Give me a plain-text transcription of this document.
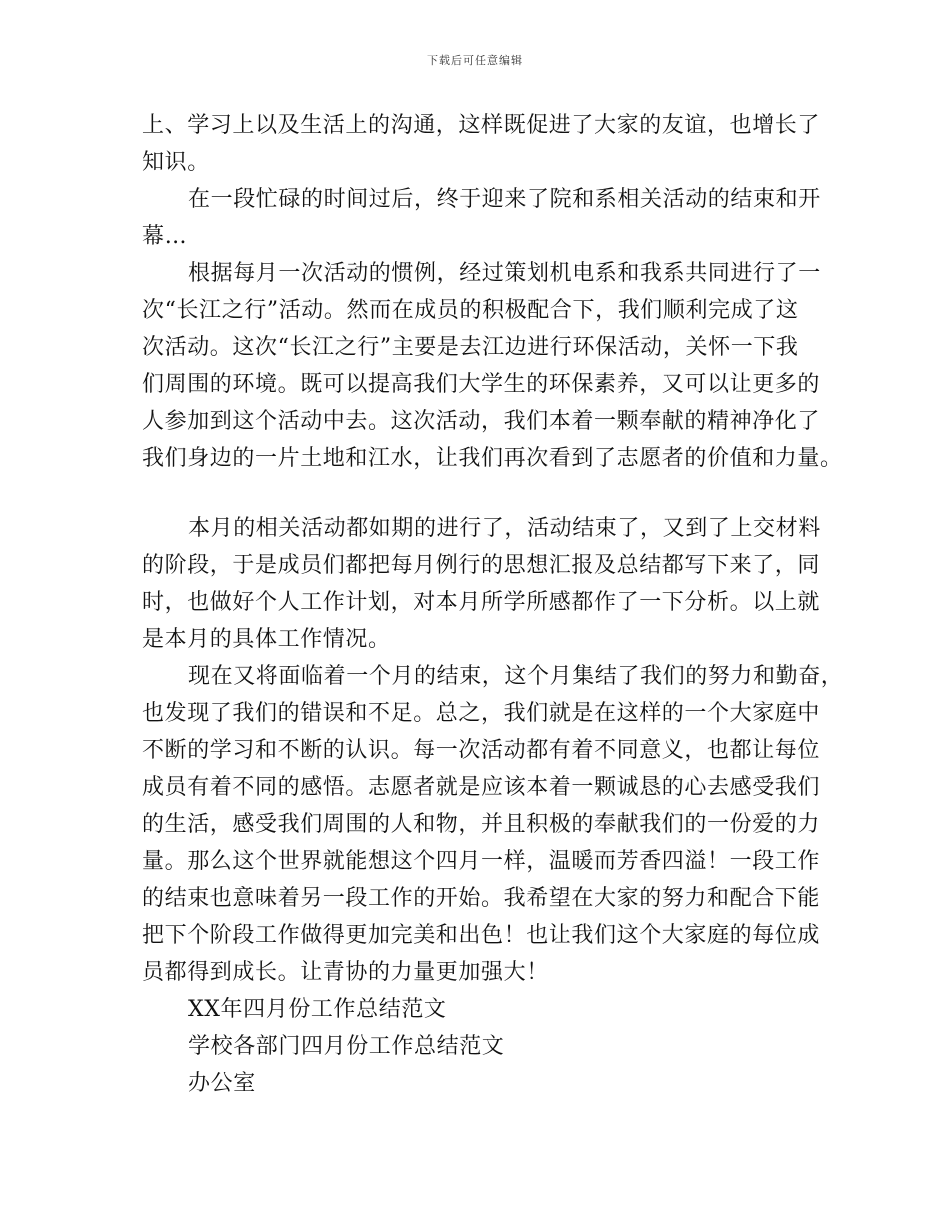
下载后可任意编辑
上、学习上以及生活上的沟通，这样既促进了大家的友谊，也增长了
知识。
在一段忙碌的时间过后，终于迎来了院和系相关活动的结束和开
幕…
根据每月一次活动的惯例，经过策划机电系和我系共同进行了一
次“长江之行”活动。然而在成员的积极配合下，我们顺利完成了这
次活动。这次“长江之行”主要是去江边进行环保活动，关怀一下我
们周围的环境。既可以提高我们大学生的环保素养，又可以让更多的
人参加到这个活动中去。这次活动，我们本着一颗奉献的精神净化了
我们身边的一片土地和江水，让我们再次看到了志愿者的价值和力量。
本月的相关活动都如期的进行了，活动结束了，又到了上交材料
的阶段，于是成员们都把每月例行的思想汇报及总结都写下来了，同
时，也做好个人工作计划，对本月所学所感都作了一下分析。以上就
是本月的具体工作情况。
现在又将面临着一个月的结束，这个月集结了我们的努力和勤奋，
也发现了我们的错误和不足。总之，我们就是在这样的一个大家庭中
不断的学习和不断的认识。每一次活动都有着不同意义，也都让每位
成员有着不同的感悟。志愿者就是应该本着一颗诚恳的心去感受我们
的生活，感受我们周围的人和物，并且积极的奉献我们的一份爱的力
量。那么这个世界就能想这个四月一样，温暖而芳香四溢！一段工作
的结束也意味着另一段工作的开始。我希望在大家的努力和配合下能
把下个阶段工作做得更加完美和出色！也让我们这个大家庭的每位成
员都得到成长。让青协的力量更加强大！
XX年四月份工作总结范文
学校各部门四月份工作总结范文
办公室
